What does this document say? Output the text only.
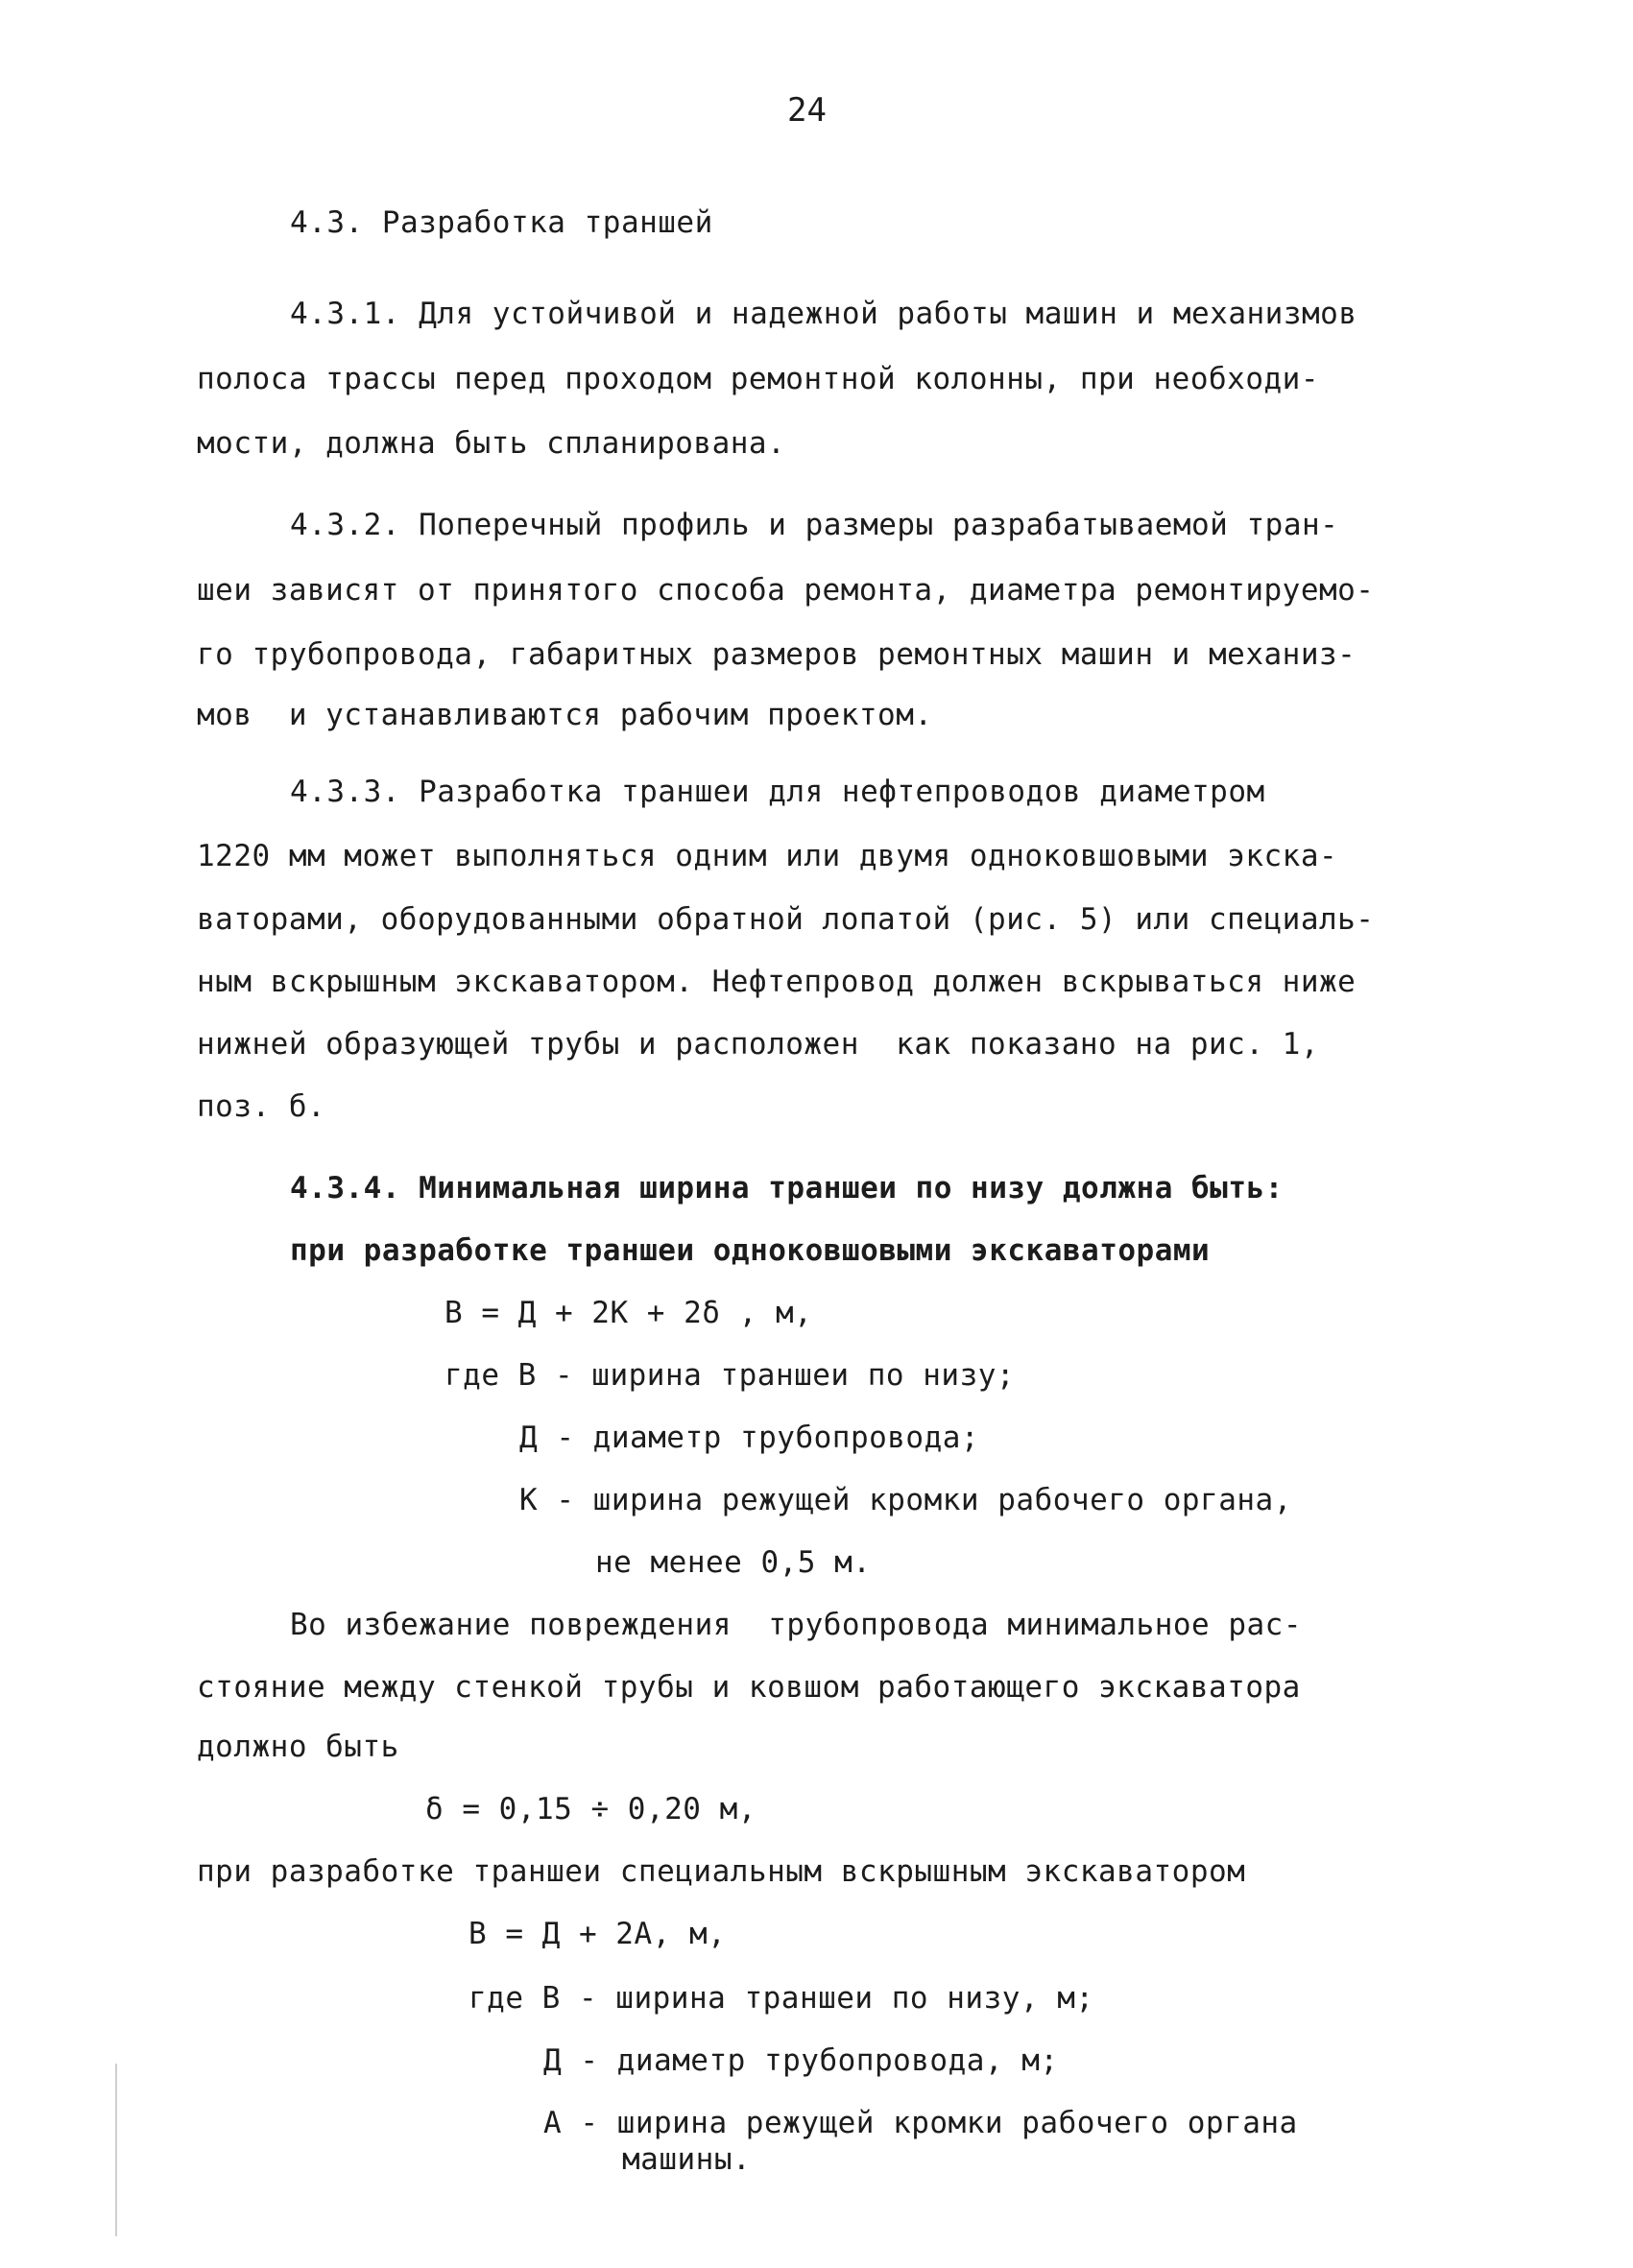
24
4.3. Разработка траншей
4.3.1. Для устойчивой и надежной работы машин и механизмов
полоса трассы перед проходом ремонтной колонны, при необходи-
мости, должна быть спланирована.
4.3.2. Поперечный профиль и размеры разрабатываемой тран-
шеи зависят от принятого способа ремонта, диаметра ремонтируемо-
го трубопровода, габаритных размеров ремонтных машин и механиз-
мов  и устанавливаются рабочим проектом.
4.3.3. Разработка траншеи для нефтепроводов диаметром
1220 мм может выполняться одним или двумя одноковшовыми экска-
ваторами, оборудованными обратной лопатой (рис. 5) или специаль-
ным вскрышным экскаватором. Нефтепровод должен вскрываться ниже
нижней образующей трубы и расположен  как показано на рис. 1,
поз. б.
4.3.4. Минимальная ширина траншеи по низу должна быть:
при разработке траншеи одноковшовыми экскаваторами
В = Д + 2К + 2δ , м,
где В - ширина траншеи по низу;
Д - диаметр трубопровода;
К - ширина режущей кромки рабочего органа,
не менее 0,5 м.
Во избежание повреждения  трубопровода минимальное рас-
стояние между стенкой трубы и ковшом работающего экскаватора
должно быть
δ = 0,15 ÷ 0,20 м,
при разработке траншеи специальным вскрышным экскаватором
В = Д + 2А, м,
где В - ширина траншеи по низу, м;
Д - диаметр трубопровода, м;
А - ширина режущей кромки рабочего органа
машины.
